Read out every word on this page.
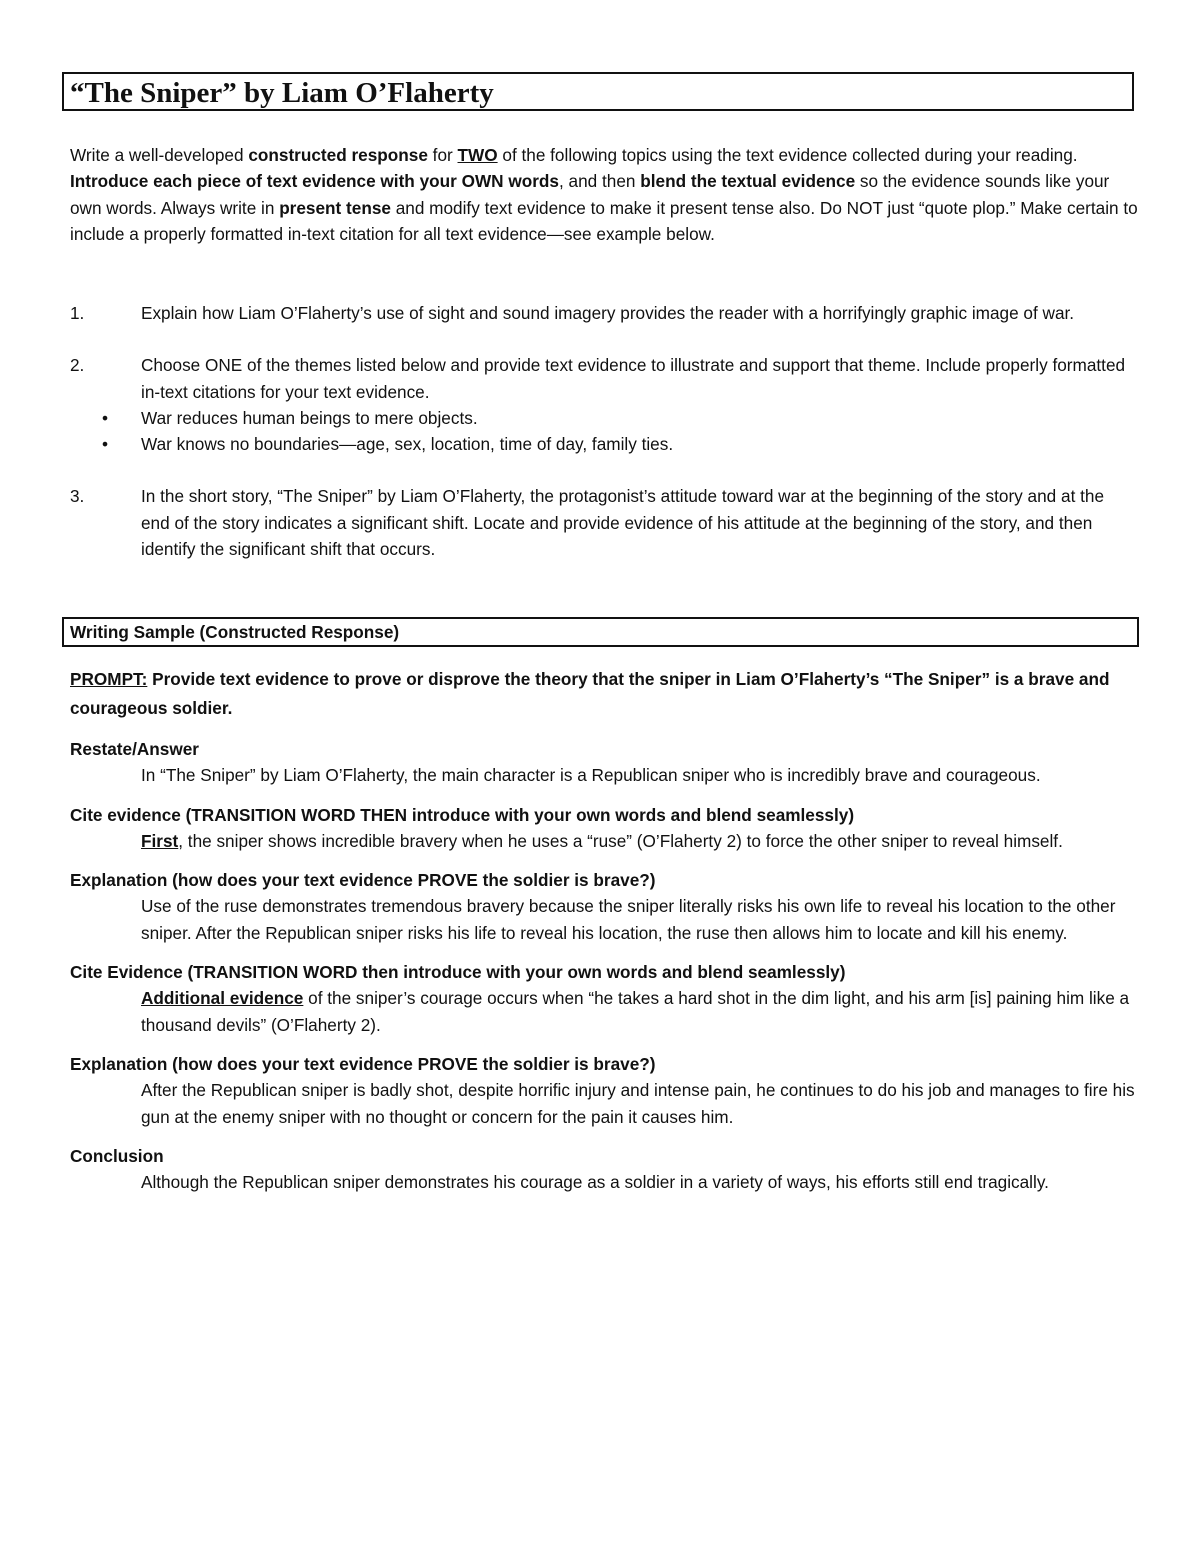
“The Sniper” by Liam O’Flaherty

Write a well-developed constructed response for TWO of the following topics using the text evidence collected during your reading. Introduce each piece of text evidence with your OWN words, and then blend the textual evidence so the evidence sounds like your own words. Always write in present tense and modify text evidence to make it present tense also. Do NOT just “quote plop.” Make certain to include a properly formatted in-text citation for all text evidence—see example below.

1.	Explain how Liam O’Flaherty’s use of sight and sound imagery provides the reader with a horrifyingly graphic image of war.
2.	Choose ONE of the themes listed below and provide text evidence to illustrate and support that theme. Include properly formatted in-text citations for your text evidence.
•	War reduces human beings to mere objects.
•	War knows no boundaries—age, sex, location, time of day, family ties.
3.	In the short story, “The Sniper” by Liam O’Flaherty, the protagonist’s attitude toward war at the beginning of the story and at the end of the story indicates a significant shift. Locate and provide evidence of his attitude at the beginning of the story, and then identify the significant shift that occurs.
Writing Sample (Constructed Response)

PROMPT: Provide text evidence to prove or disprove the theory that the sniper in Liam O’Flaherty’s “The Sniper” is a brave and courageous soldier.

Restate/Answer

In “The Sniper” by Liam O’Flaherty, the main character is a Republican sniper who is incredibly brave and courageous.

Cite evidence (TRANSITION WORD THEN introduce with your own words and blend seamlessly)

First, the sniper shows incredible bravery when he uses a “ruse” (O’Flaherty 2) to force the other sniper to reveal himself.

Explanation (how does your text evidence PROVE the soldier is brave?)

Use of the ruse demonstrates tremendous bravery because the sniper literally risks his own life to reveal his location to the other sniper. After the Republican sniper risks his life to reveal his location, the ruse then allows him to locate and kill his enemy.

Cite Evidence (TRANSITION WORD then introduce with your own words and blend seamlessly)

Additional evidence of the sniper’s courage occurs when “he takes a hard shot in the dim light, and his arm [is] paining him like a thousand devils” (O’Flaherty 2).

Explanation (how does your text evidence PROVE the soldier is brave?)

After the Republican sniper is badly shot, despite horrific injury and intense pain, he continues to do his job and manages to fire his gun at the enemy sniper with no thought or concern for the pain it causes him.

Conclusion

Although the Republican sniper demonstrates his courage as a soldier in a variety of ways, his efforts still end tragically.
